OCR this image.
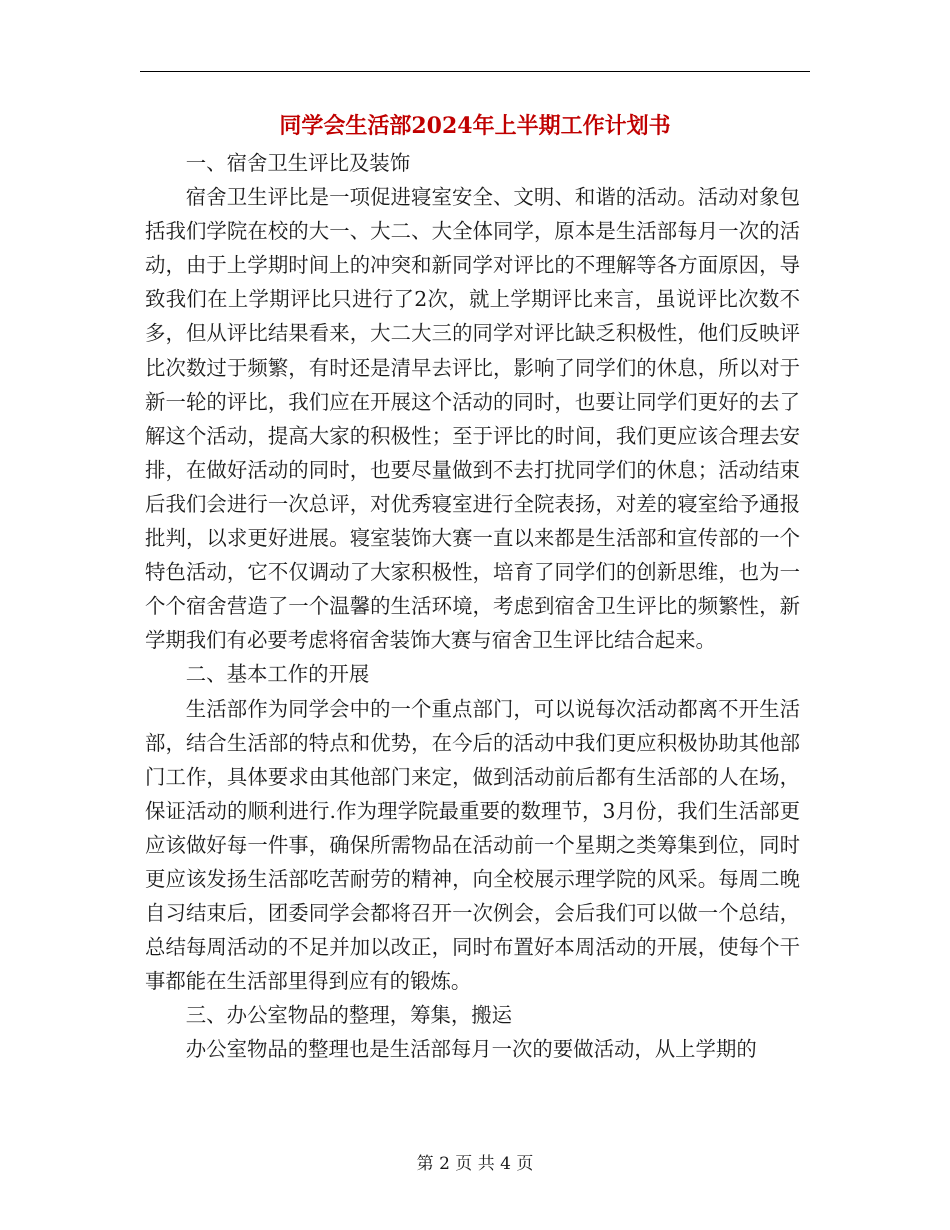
同学会生活部2024年上半期工作计划书

一、宿舍卫生评比及装饰

宿舍卫生评比是一项促进寝室安全、文明、和谐的活动。活动对象包括我们学院在校的大一、大二、大全体同学，原本是生活部每月一次的活动，由于上学期时间上的冲突和新同学对评比的不理解等各方面原因，导致我们在上学期评比只进行了2次，就上学期评比来言，虽说评比次数不多，但从评比结果看来，大二大三的同学对评比缺乏积极性，他们反映评比次数过于频繁，有时还是清早去评比，影响了同学们的休息，所以对于新一轮的评比，我们应在开展这个活动的同时，也要让同学们更好的去了解这个活动，提高大家的积极性；至于评比的时间，我们更应该合理去安排，在做好活动的同时，也要尽量做到不去打扰同学们的休息；活动结束后我们会进行一次总评，对优秀寝室进行全院表扬，对差的寝室给予通报批判，以求更好进展。寝室装饰大赛一直以来都是生活部和宣传部的一个特色活动，它不仅调动了大家积极性，培育了同学们的创新思维，也为一个个宿舍营造了一个温馨的生活环境，考虑到宿舍卫生评比的频繁性，新学期我们有必要考虑将宿舍装饰大赛与宿舍卫生评比结合起来。

二、基本工作的开展

生活部作为同学会中的一个重点部门，可以说每次活动都离不开生活部，结合生活部的特点和优势，在今后的活动中我们更应积极协助其他部门工作，具体要求由其他部门来定，做到活动前后都有生活部的人在场，保证活动的顺利进行.作为理学院最重要的数理节，3月份，我们生活部更应该做好每一件事，确保所需物品在活动前一个星期之类筹集到位，同时更应该发扬生活部吃苦耐劳的精神，向全校展示理学院的风采。每周二晚自习结束后，团委同学会都将召开一次例会，会后我们可以做一个总结，总结每周活动的不足并加以改正，同时布置好本周活动的开展，使每个干事都能在生活部里得到应有的锻炼。

三、办公室物品的整理，筹集，搬运

办公室物品的整理也是生活部每月一次的要做活动，从上学期的

第 2 页 共 4 页
